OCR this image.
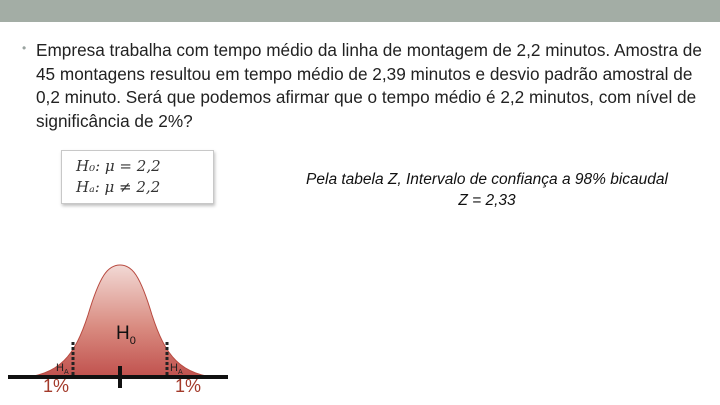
• Empresa trabalha com tempo médio da linha de montagem de 2,2 minutos. Amostra de 45 montagens resultou em tempo médio de 2,39 minutos e desvio padrão amostral de 0,2 minuto. Será que podemos afirmar que o tempo médio é 2,2 minutos, com nível de significância de 2%?
H₀: μ = 2,2
Hₐ: μ ≠ 2,2	Pela tabela Z, Intervalo de confiança a 98% bicaudal
Z = 2,33
$H_0$
$H_A$	$H_A$
1%	1%
